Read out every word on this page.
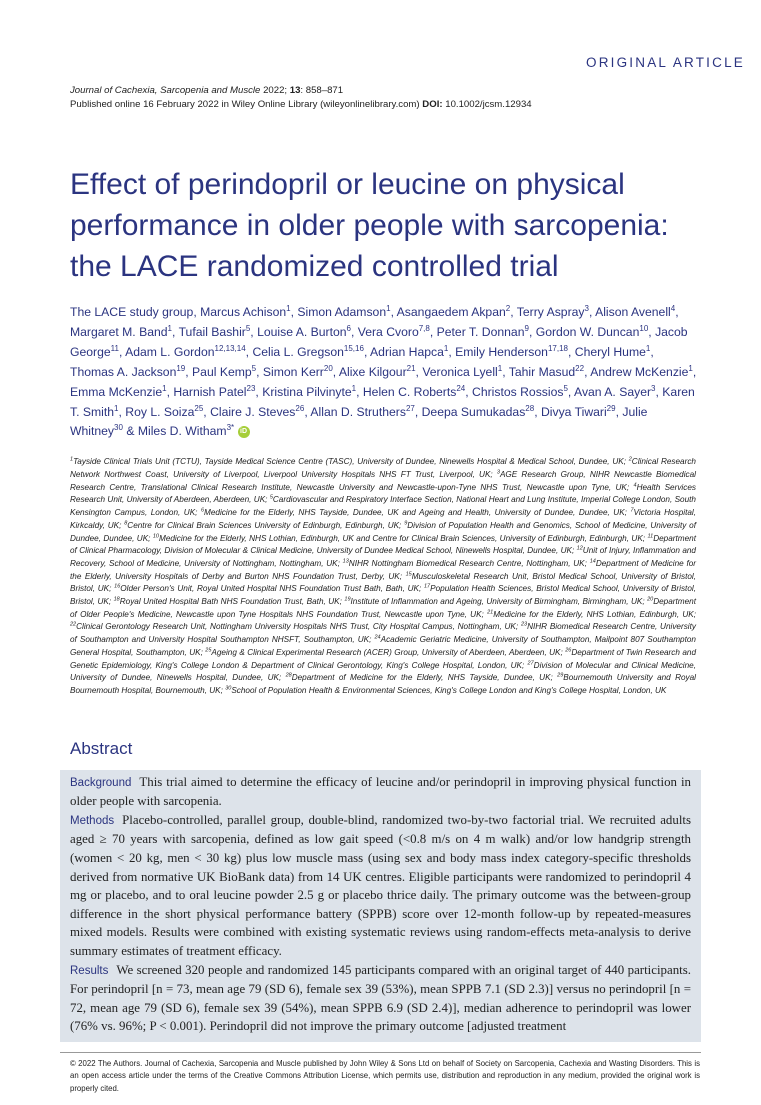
ORIGINAL ARTICLE
Journal of Cachexia, Sarcopenia and Muscle 2022; 13: 858–871
Published online 16 February 2022 in Wiley Online Library (wileyonlinelibrary.com) DOI: 10.1002/jcsm.12934
Effect of perindopril or leucine on physical performance in older people with sarcopenia: the LACE randomized controlled trial
The LACE study group, Marcus Achison$^1$, Simon Adamson$^1$, Asangaedem Akpan$^2$, Terry Aspray$^3$, Alison Avenell$^4$, Margaret M. Band$^1$, Tufail Bashir$^5$, Louise A. Burton$^6$, Vera Cvoro$^{7,8}$, Peter T. Donnan$^9$, Gordon W. Duncan$^{10}$, Jacob George$^{11}$, Adam L. Gordon$^{12,13,14}$, Celia L. Gregson$^{15,16}$, Adrian Hapca$^1$, Emily Henderson$^{17,18}$, Cheryl Hume$^1$, Thomas A. Jackson$^{19}$, Paul Kemp$^5$, Simon Kerr$^{20}$, Alixe Kilgour$^{21}$, Veronica Lyell$^1$, Tahir Masud$^{22}$, Andrew McKenzie$^1$, Emma McKenzie$^1$, Harnish Patel$^{23}$, Kristina Pilvinyte$^1$, Helen C. Roberts$^{24}$, Christos Rossios$^5$, Avan A. Sayer$^3$, Karen T. Smith$^1$, Roy L. Soiza$^{25}$, Claire J. Steves$^{26}$, Allan D. Struthers$^{27}$, Deepa Sumukadas$^{28}$, Divya Tiwari$^{29}$, Julie Whitney$^{30}$ & Miles D. Witham$^{3*}$ iD
$^1$Tayside Clinical Trials Unit (TCTU), Tayside Medical Science Centre (TASC), University of Dundee, Ninewells Hospital & Medical School, Dundee, UK; $^2$Clinical Research Network Northwest Coast, University of Liverpool, Liverpool University Hospitals NHS FT Trust, Liverpool, UK; $^3$AGE Research Group, NIHR Newcastle Biomedical Research Centre, Translational Clinical Research Institute, Newcastle University and Newcastle-upon-Tyne NHS Trust, Newcastle upon Tyne, UK; $^4$Health Services Research Unit, University of Aberdeen, Aberdeen, UK; $^5$Cardiovascular and Respiratory Interface Section, National Heart and Lung Institute, Imperial College London, South Kensington Campus, London, UK; $^6$Medicine for the Elderly, NHS Tayside, Dundee, UK and Ageing and Health, University of Dundee, Dundee, UK; $^7$Victoria Hospital, Kirkcaldy, UK; $^8$Centre for Clinical Brain Sciences University of Edinburgh, Edinburgh, UK; $^9$Division of Population Health and Genomics, School of Medicine, University of Dundee, Dundee, UK; $^{10}$Medicine for the Elderly, NHS Lothian, Edinburgh, UK and Centre for Clinical Brain Sciences, University of Edinburgh, Edinburgh, UK; $^{11}$Department of Clinical Pharmacology, Division of Molecular & Clinical Medicine, University of Dundee Medical School, Ninewells Hospital, Dundee, UK; $^{12}$Unit of Injury, Inflammation and Recovery, School of Medicine, University of Nottingham, Nottingham, UK; $^{13}$NIHR Nottingham Biomedical Research Centre, Nottingham, UK; $^{14}$Department of Medicine for the Elderly, University Hospitals of Derby and Burton NHS Foundation Trust, Derby, UK; $^{15}$Musculoskeletal Research Unit, Bristol Medical School, University of Bristol, Bristol, UK; $^{16}$Older Person's Unit, Royal United Hospital NHS Foundation Trust Bath, Bath, UK; $^{17}$Population Health Sciences, Bristol Medical School, University of Bristol, Bristol, UK; $^{18}$Royal United Hospital Bath NHS Foundation Trust, Bath, UK; $^{19}$Institute of Inflammation and Ageing, University of Birmingham, Birmingham, UK; $^{20}$Department of Older People's Medicine, Newcastle upon Tyne Hospitals NHS Foundation Trust, Newcastle upon Tyne, UK; $^{21}$Medicine for the Elderly, NHS Lothian, Edinburgh, UK; $^{22}$Clinical Gerontology Research Unit, Nottingham University Hospitals NHS Trust, City Hospital Campus, Nottingham, UK; $^{23}$NIHR Biomedical Research Centre, University of Southampton and University Hospital Southampton NHSFT, Southampton, UK; $^{24}$Academic Geriatric Medicine, University of Southampton, Mailpoint 807 Southampton General Hospital, Southampton, UK; $^{25}$Ageing & Clinical Experimental Research (ACER) Group, University of Aberdeen, Aberdeen, UK; $^{26}$Department of Twin Research and Genetic Epidemiology, King's College London & Department of Clinical Gerontology, King's College Hospital, London, UK; $^{27}$Division of Molecular and Clinical Medicine, University of Dundee, Ninewells Hospital, Dundee, UK; $^{28}$Department of Medicine for the Elderly, NHS Tayside, Dundee, UK; $^{29}$Bournemouth University and Royal Bournemouth Hospital, Bournemouth, UK; $^{30}$School of Population Health & Environmental Sciences, King's College London and King's College Hospital, London, UK
Abstract

Background This trial aimed to determine the efficacy of leucine and/or perindopril in improving physical function in older people with sarcopenia.

Methods Placebo-controlled, parallel group, double-blind, randomized two-by-two factorial trial. We recruited adults aged ≥ 70 years with sarcopenia, defined as low gait speed (<0.8 m/s on 4 m walk) and/or low handgrip strength (women < 20 kg, men < 30 kg) plus low muscle mass (using sex and body mass index category-specific thresholds derived from normative UK BioBank data) from 14 UK centres. Eligible participants were randomized to perindopril 4 mg or placebo, and to oral leucine powder 2.5 g or placebo thrice daily. The primary outcome was the between-group difference in the short physical performance battery (SPPB) score over 12-month follow-up by repeated-measures mixed models. Results were combined with existing systematic reviews using random-effects meta-analysis to derive summary estimates of treatment efficacy.

Results We screened 320 people and randomized 145 participants compared with an original target of 440 participants. For perindopril [n = 73, mean age 79 (SD 6), female sex 39 (53%), mean SPPB 7.1 (SD 2.3)] versus no perindopril [n = 72, mean age 79 (SD 6), female sex 39 (54%), mean SPPB 6.9 (SD 2.4)], median adherence to perindopril was lower (76% vs. 96%; P < 0.001). Perindopril did not improve the primary outcome [adjusted treatment

© 2022 The Authors. Journal of Cachexia, Sarcopenia and Muscle published by John Wiley & Sons Ltd on behalf of Society on Sarcopenia, Cachexia and Wasting Disorders. This is an open access article under the terms of the Creative Commons Attribution License, which permits use, distribution and reproduction in any medium, provided the original work is properly cited.
